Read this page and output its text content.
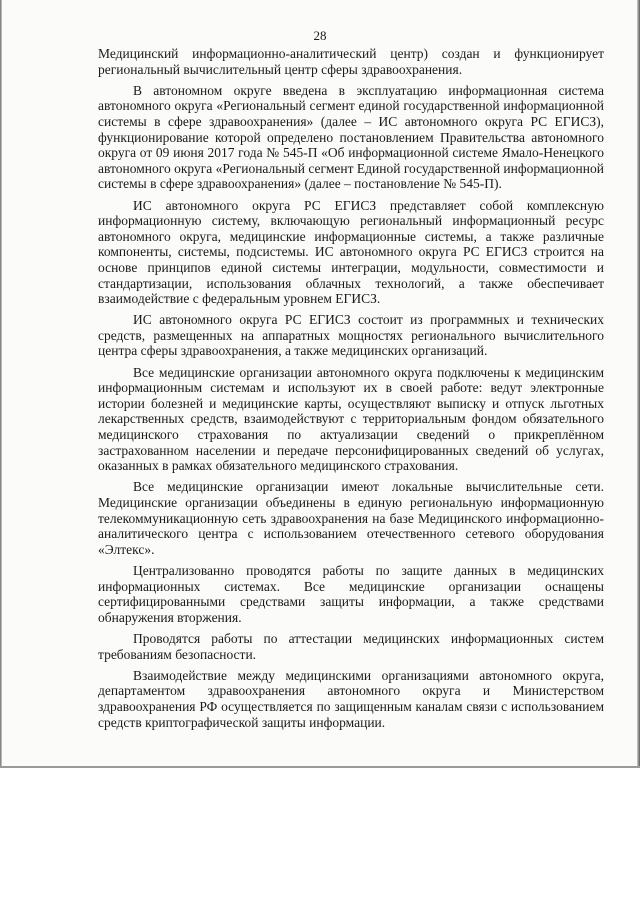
28

Медицинский информационно-аналитический центр) создан и функционирует региональный вычислительный центр сферы здравоохранения.

В автономном округе введена в эксплуатацию информационная система автономного округа «Региональный сегмент единой государственной информационной системы в сфере здравоохранения» (далее – ИС автономного округа РС ЕГИСЗ), функционирование которой определено постановлением Правительства автономного округа от 09 июня 2017 года № 545-П «Об информационной системе Ямало-Ненецкого автономного округа «Региональный сегмент Единой государственной информационной системы в сфере здравоохранения» (далее – постановление № 545-П).

ИС автономного округа РС ЕГИСЗ представляет собой комплексную информационную систему, включающую региональный информационный ресурс автономного округа, медицинские информационные системы, а также различные компоненты, системы, подсистемы. ИС автономного округа РС ЕГИСЗ строится на основе принципов единой системы интеграции, модульности, совместимости и стандартизации, использования облачных технологий, а также обеспечивает взаимодействие с федеральным уровнем ЕГИСЗ.

ИС автономного округа РС ЕГИСЗ состоит из программных и технических средств, размещенных на аппаратных мощностях регионального вычислительного центра сферы здравоохранения, а также медицинских организаций.

Все медицинские организации автономного округа подключены к медицинским информационным системам и используют их в своей работе: ведут электронные истории болезней и медицинские карты, осуществляют выписку и отпуск льготных лекарственных средств, взаимодействуют с территориальным фондом обязательного медицинского страхования по актуализации сведений о прикреплённом застрахованном населении и передаче персонифицированных сведений об услугах, оказанных в рамках обязательного медицинского страхования.

Все медицинские организации имеют локальные вычислительные сети. Медицинские организации объединены в единую региональную информационную телекоммуникационную сеть здравоохранения на базе Медицинского информационно-аналитического центра с использованием отечественного сетевого оборудования «Элтекс».

Централизованно проводятся работы по защите данных в медицинских информационных системах. Все медицинские организации оснащены сертифицированными средствами защиты информации, а также средствами обнаружения вторжения.

Проводятся работы по аттестации медицинских информационных систем требованиям безопасности.

Взаимодействие между медицинскими организациями автономного округа, департаментом здравоохранения автономного округа и Министерством здравоохранения РФ осуществляется по защищенным каналам связи с использованием средств криптографической защиты информации.
